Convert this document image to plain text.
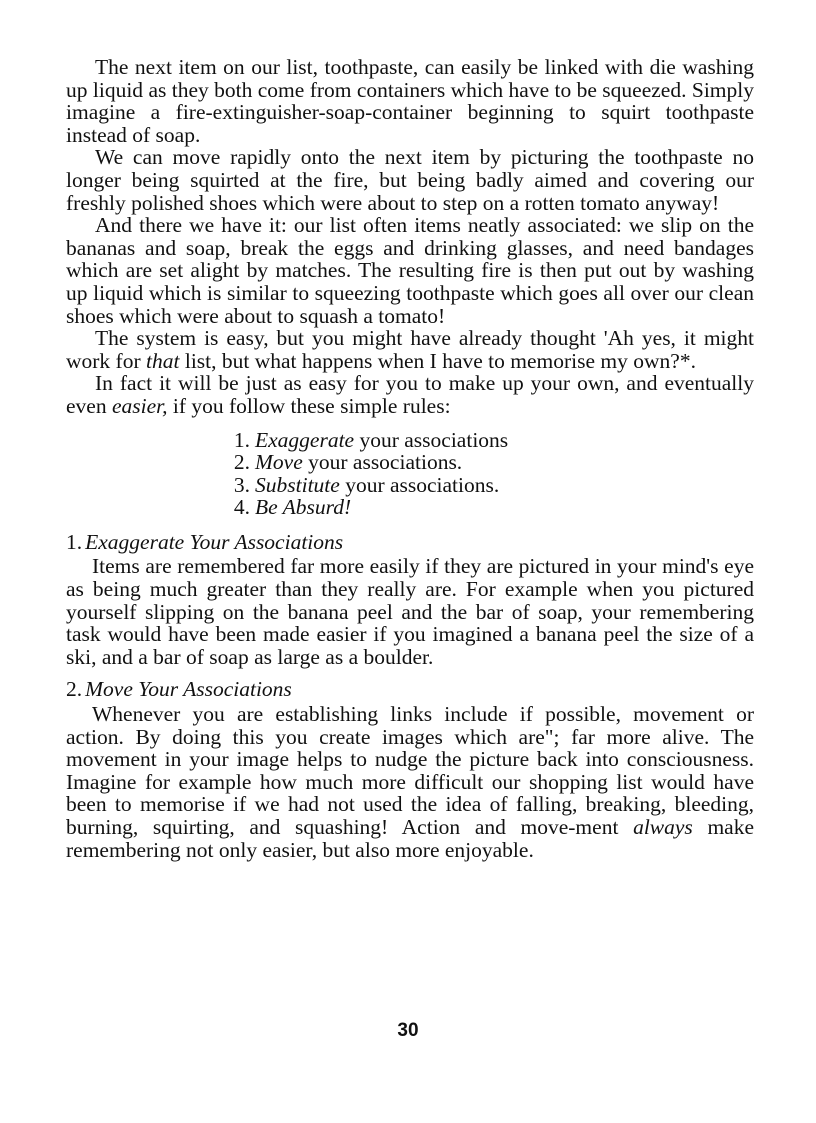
The next item on our list, toothpaste, can easily be linked with die washing up liquid as they both come from containers which have to be squeezed. Simply imagine a fire-extinguisher-soap-container beginning to squirt toothpaste instead of soap.

We can move rapidly onto the next item by picturing the toothpaste no longer being squirted at the fire, but being badly aimed and covering our freshly polished shoes which were about to step on a rotten tomato anyway!

And there we have it: our list often items neatly associated: we slip on the bananas and soap, break the eggs and drinking glasses, and need bandages which are set alight by matches. The resulting fire is then put out by washing up liquid which is similar to squeezing toothpaste which goes all over our clean shoes which were about to squash a tomato!

The system is easy, but you might have already thought 'Ah yes, it might work for that list, but what happens when I have to memorise my own?*.

In fact it will be just as easy for you to make up your own, and eventually even easier, if you follow these simple rules:

1. Exaggerate your associations
2. Move your associations.
3. Substitute your associations.
4. Be Absurd!
1. Exaggerate Your Associations

Items are remembered far more easily if they are pictured in your mind's eye as being much greater than they really are. For example when you pictured yourself slipping on the banana peel and the bar of soap, your remembering task would have been made easier if you imagined a banana peel the size of a ski, and a bar of soap as large as a boulder.

2. Move Your Associations

Whenever you are establishing links include if possible, movement or action. By doing this you create images which are"; far more alive. The movement in your image helps to nudge the picture back into consciousness. Imagine for example how much more difficult our shopping list would have been to memorise if we had not used the idea of falling, breaking, bleeding, burning, squirting, and squashing! Action and move-ment always make remembering not only easier, but also more enjoyable.

30
